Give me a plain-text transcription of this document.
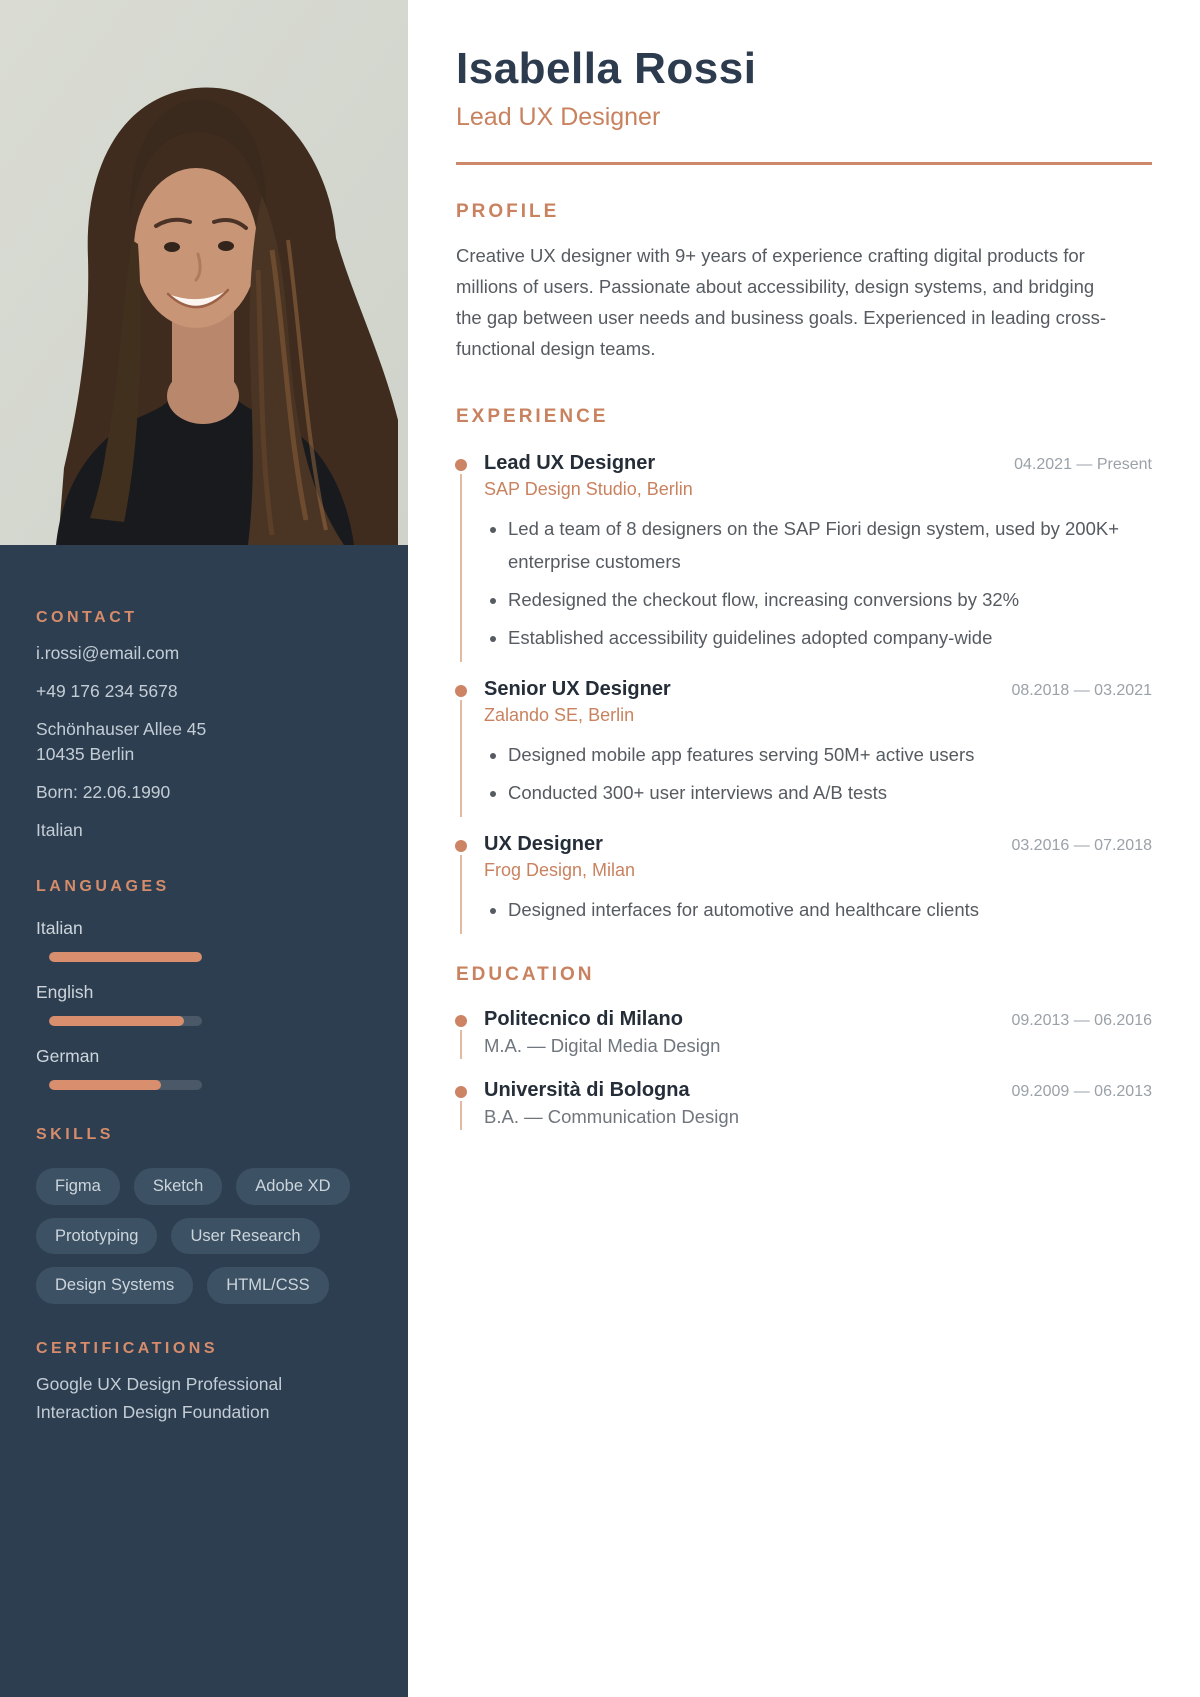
CONTACT
i.rossi@email.com
+49 176 234 5678
Schönhauser Allee 45
10435 Berlin
Born: 22.06.1990
Italian
LANGUAGES
Italian
English
German
SKILLS
Figma	Sketch	Adobe XD
Prototyping	User Research
Design Systems	HTML/CSS
CERTIFICATIONS
Google UX Design Professional
Interaction Design Foundation
Isabella Rossi
Lead UX Designer
PROFILE

Creative UX designer with 9+ years of experience crafting digital products for millions of users. Passionate about accessibility, design systems, and bridging the gap between user needs and business goals. Experienced in leading cross-functional design teams.

EXPERIENCE
Lead UX Designer	04.2021 — Present
SAP Design Studio, Berlin
• Led a team of 8 designers on the SAP Fiori design system, used by 200K+ enterprise customers
• Redesigned the checkout flow, increasing conversions by 32%
• Established accessibility guidelines adopted company-wide
Senior UX Designer	08.2018 — 03.2021
Zalando SE, Berlin
• Designed mobile app features serving 50M+ active users
• Conducted 300+ user interviews and A/B tests
UX Designer	03.2016 — 07.2018
Frog Design, Milan
• Designed interfaces for automotive and healthcare clients
EDUCATION
Politecnico di Milano	09.2013 — 06.2016
M.A. — Digital Media Design
Università di Bologna	09.2009 — 06.2013
B.A. — Communication Design
